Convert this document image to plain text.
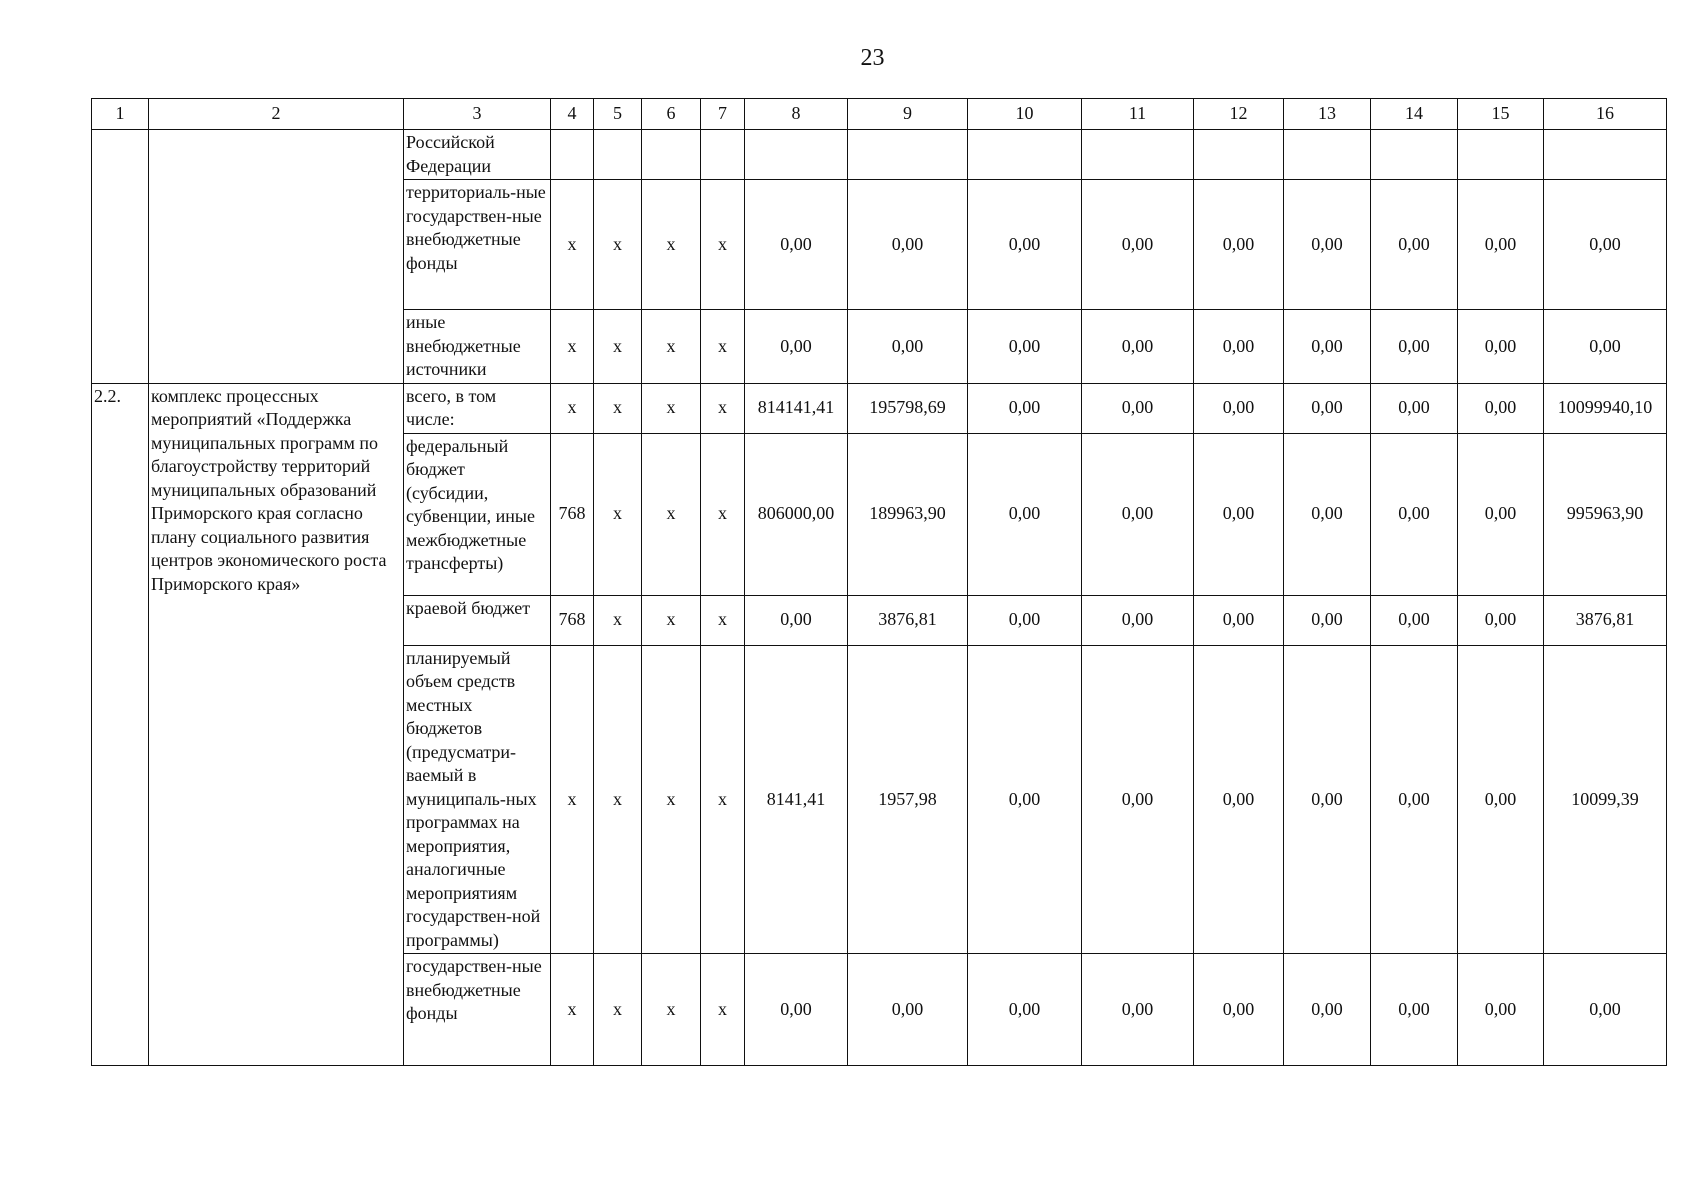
23
1	2	3	4	5	6	7	8	9	10	11	12	13	14	15	16
		Российской Федерации													
		территориаль-ные государствен-ные внебюджетные фонды	x	x	x	x	0,00	0,00	0,00	0,00	0,00	0,00	0,00	0,00	0,00
		иные внебюджетные источники	x	x	x	x	0,00	0,00	0,00	0,00	0,00	0,00	0,00	0,00	0,00
2.2.	комплекс процессных мероприятий «Поддержка муниципальных программ по благоустройству территорий муниципальных образований Приморского края согласно плану социального развития центров экономического роста Приморского края»	всего, в том числе:	x	x	x	x	814141,41	195798,69	0,00	0,00	0,00	0,00	0,00	0,00	10099940,10
		федеральный бюджет (субсидии, субвенции, иные межбюджетные трансферты)	768	x	x	x	806000,00	189963,90	0,00	0,00	0,00	0,00	0,00	0,00	995963,90
		краевой бюджет	768	x	x	x	0,00	3876,81	0,00	0,00	0,00	0,00	0,00	0,00	3876,81
		планируемый объем средств местных бюджетов (предусматри-ваемый в муниципаль-ных программах на мероприятия, аналогичные мероприятиям государствен-ной программы)	x	x	x	x	8141,41	1957,98	0,00	0,00	0,00	0,00	0,00	0,00	10099,39
		государствен-ные внебюджетные фонды	x	x	x	x	0,00	0,00	0,00	0,00	0,00	0,00	0,00	0,00	0,00
